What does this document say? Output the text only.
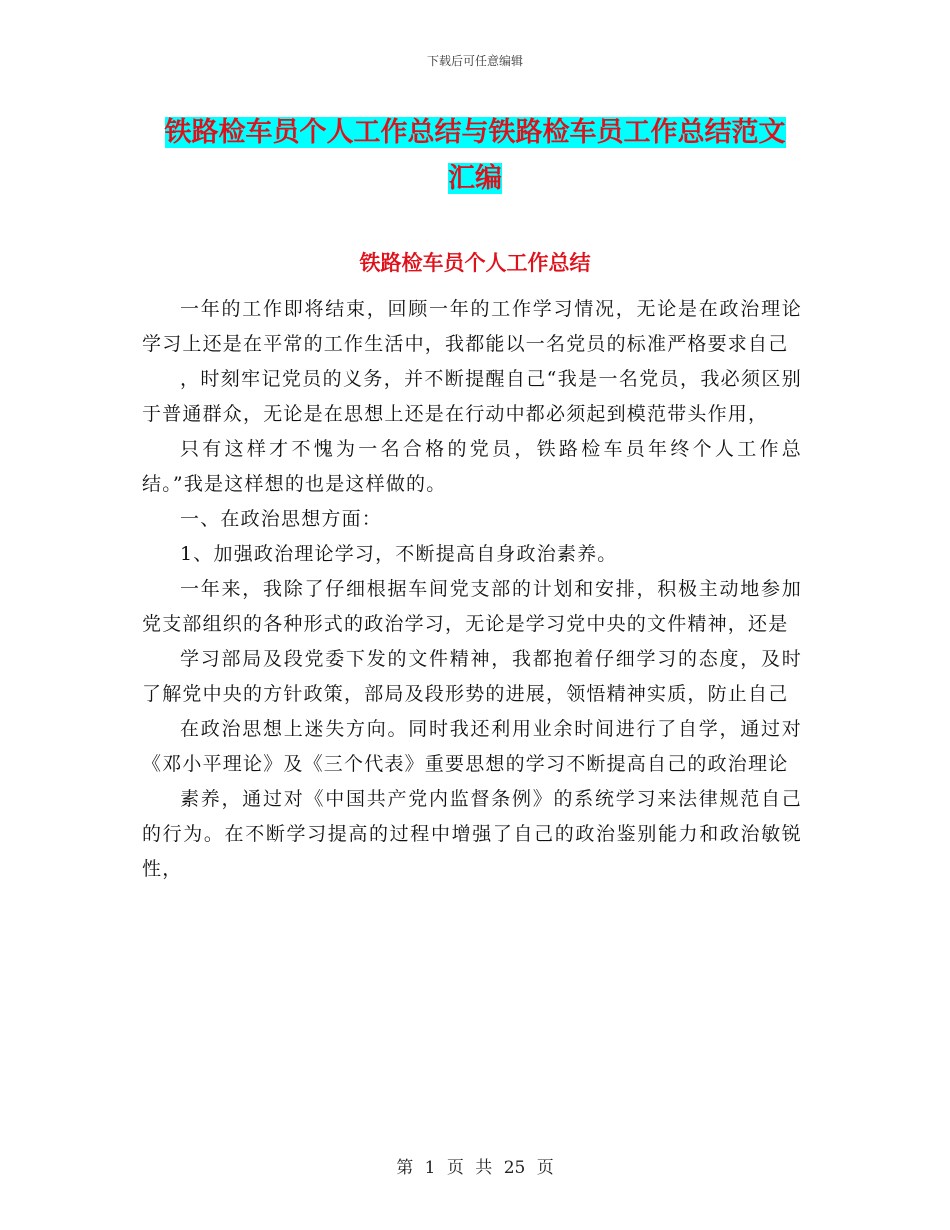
下载后可任意编辑
铁路检车员个人工作总结与铁路检车员工作总结范文
汇编
铁路检车员个人工作总结

一年的工作即将结束，回顾一年的工作学习情况，无论是在政治理论学习上还是在平常的工作生活中，我都能以一名党员的标准严格要求自己

，时刻牢记党员的义务，并不断提醒自己“我是一名党员，我必须区别于普通群众，无论是在思想上还是在行动中都必须起到模范带头作用，

只有这样才不愧为一名合格的党员，铁路检车员年终个人工作总结。”我是这样想的也是这样做的。

一、在政治思想方面：

1、加强政治理论学习，不断提高自身政治素养。

一年来，我除了仔细根据车间党支部的计划和安排，积极主动地参加党支部组织的各种形式的政治学习，无论是学习党中央的文件精神，还是

学习部局及段党委下发的文件精神，我都抱着仔细学习的态度，及时了解党中央的方针政策，部局及段形势的进展，领悟精神实质，防止自己

在政治思想上迷失方向。同时我还利用业余时间进行了自学，通过对《邓小平理论》及《三个代表》重要思想的学习不断提高自己的政治理论

素养，通过对《中国共产党内监督条例》的系统学习来法律规范自己的行为。在不断学习提高的过程中增强了自己的政治鉴别能力和政治敏锐性，

第 1 页 共 25 页
